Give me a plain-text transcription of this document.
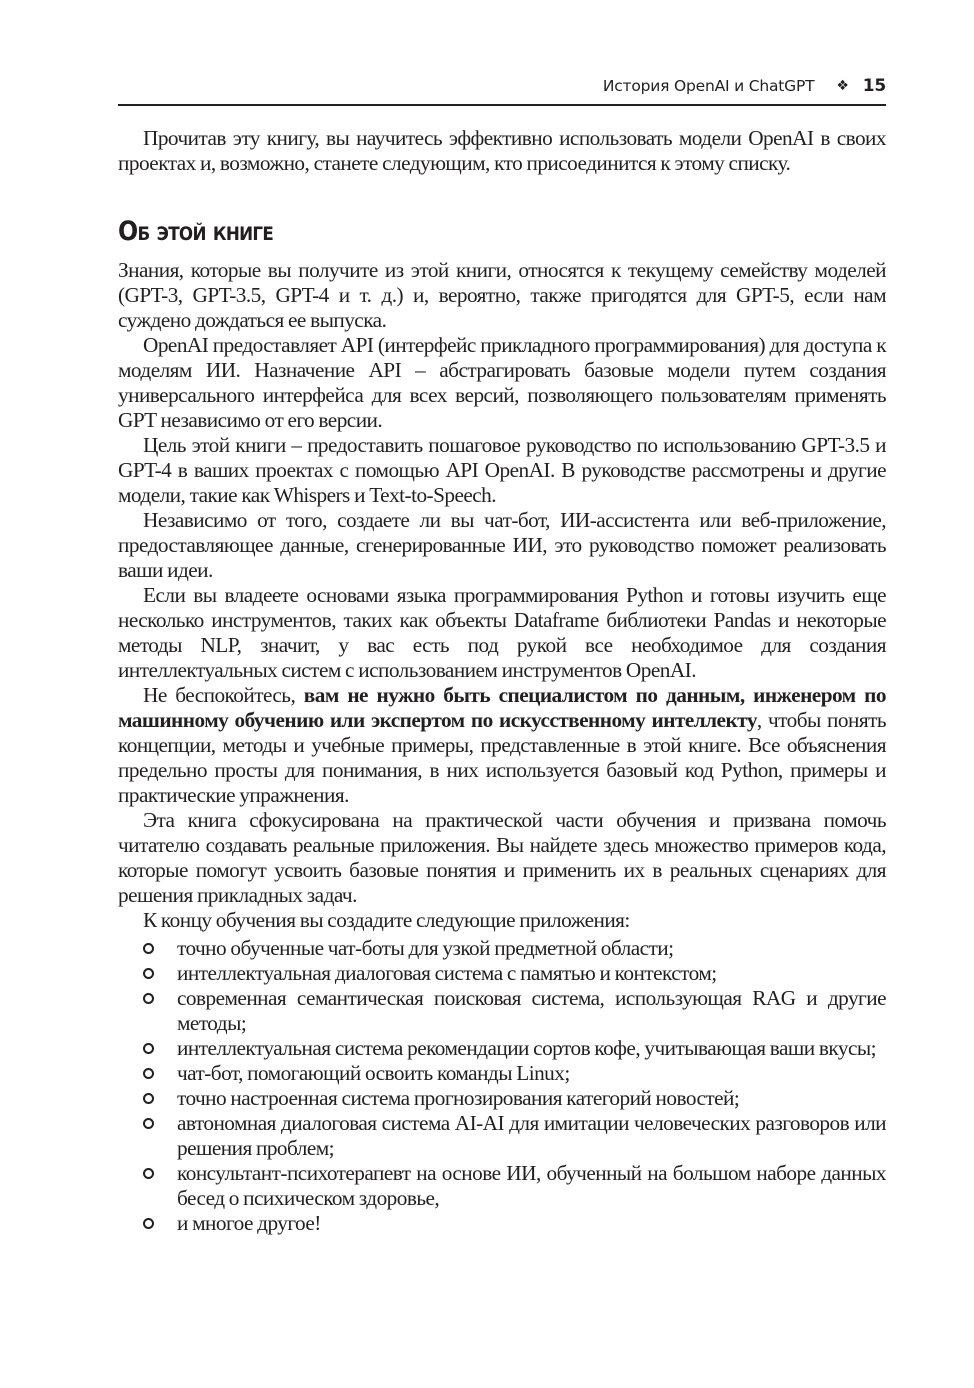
История OpenAI и ChatGPT ❖ 15

Прочитав эту книгу, вы научитесь эффективно использовать модели OpenAI в своих проектах и, возможно, станете следующим, кто присоединится к этому списку.

Об этой книге

Знания, которые вы получите из этой книги, относятся к текущему семейству моделей (GPT-3, GPT-3.5, GPT-4 и т. д.) и, вероятно, также пригодятся для GPT-5, если нам суждено дождаться ее выпуска.

OpenAI предоставляет API (интерфейс прикладного программирования) для доступа к моделям ИИ. Назначение API – абстрагировать базовые модели путем создания универсального интерфейса для всех версий, позволяющего пользователям применять GPT независимо от его версии.

Цель этой книги – предоставить пошаговое руководство по использованию GPT-3.5 и GPT-4 в ваших проектах с помощью API OpenAI. В руководстве рассмотрены и другие модели, такие как Whispers и Text-to-Speech.

Независимо от того, создаете ли вы чат-бот, ИИ-ассистента или веб-приложение, предоставляющее данные, сгенерированные ИИ, это руководство поможет реализовать ваши идеи.

Если вы владеете основами языка программирования Python и готовы изучить еще несколько инструментов, таких как объекты Dataframe библиотеки Pandas и некоторые методы NLP, значит, у вас есть под рукой все необходимое для создания интеллектуальных систем с использованием инструментов OpenAI.

Не беспокойтесь, вам не нужно быть специалистом по данным, инженером по машинному обучению или экспертом по искусственному интеллекту, чтобы понять концепции, методы и учебные примеры, представленные в этой книге. Все объяснения предельно просты для понимания, в них используется базовый код Python, примеры и практические упражнения.

Эта книга сфокусирована на практической части обучения и призвана помочь читателю создавать реальные приложения. Вы найдете здесь множество примеров кода, которые помогут усвоить базовые понятия и применить их в реальных сценариях для решения прикладных задач.

К концу обучения вы создадите следующие приложения:

точно обученные чат-боты для узкой предметной области;
интеллектуальная диалоговая система с памятью и контекстом;
современная семантическая поисковая система, использующая RAG и другие методы;
интеллектуальная система рекомендации сортов кофе, учитывающая ваши вкусы;
чат-бот, помогающий освоить команды Linux;
точно настроенная система прогнозирования категорий новостей;
автономная диалоговая система AI-AI для имитации человеческих разговоров или решения проблем;
консультант-психотерапевт на основе ИИ, обученный на большом наборе данных бесед о психическом здоровье,
и многое другое!
